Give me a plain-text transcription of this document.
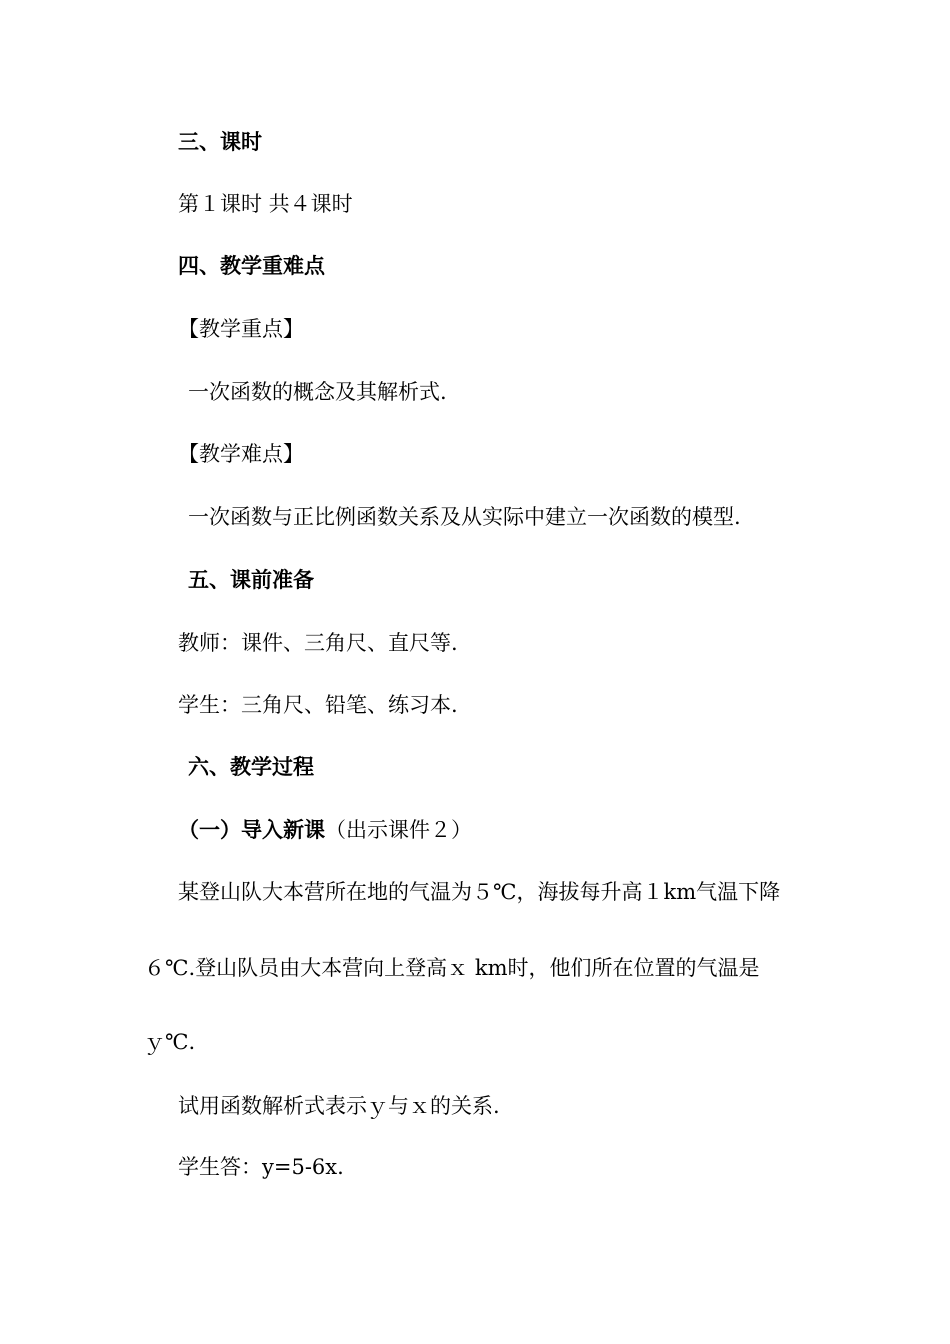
三、课时
第１课时 共４课时
四、教学重难点
【教学重点】
一次函数的概念及其解析式.
【教学难点】
一次函数与正比例函数关系及从实际中建立一次函数的模型.
五、课前准备
教师：课件、三角尺、直尺等.
学生：三角尺、铅笔、练习本.
六、教学过程
（一）导入新课（出示课件２）
某登山队大本营所在地的气温为５℃，海拔每升高１km气温下降
６℃.登山队员由大本营向上登高ｘ km时，他们所在位置的气温是
ｙ℃.
试用函数解析式表示ｙ与ｘ的关系.
学生答：y=5-6x.
